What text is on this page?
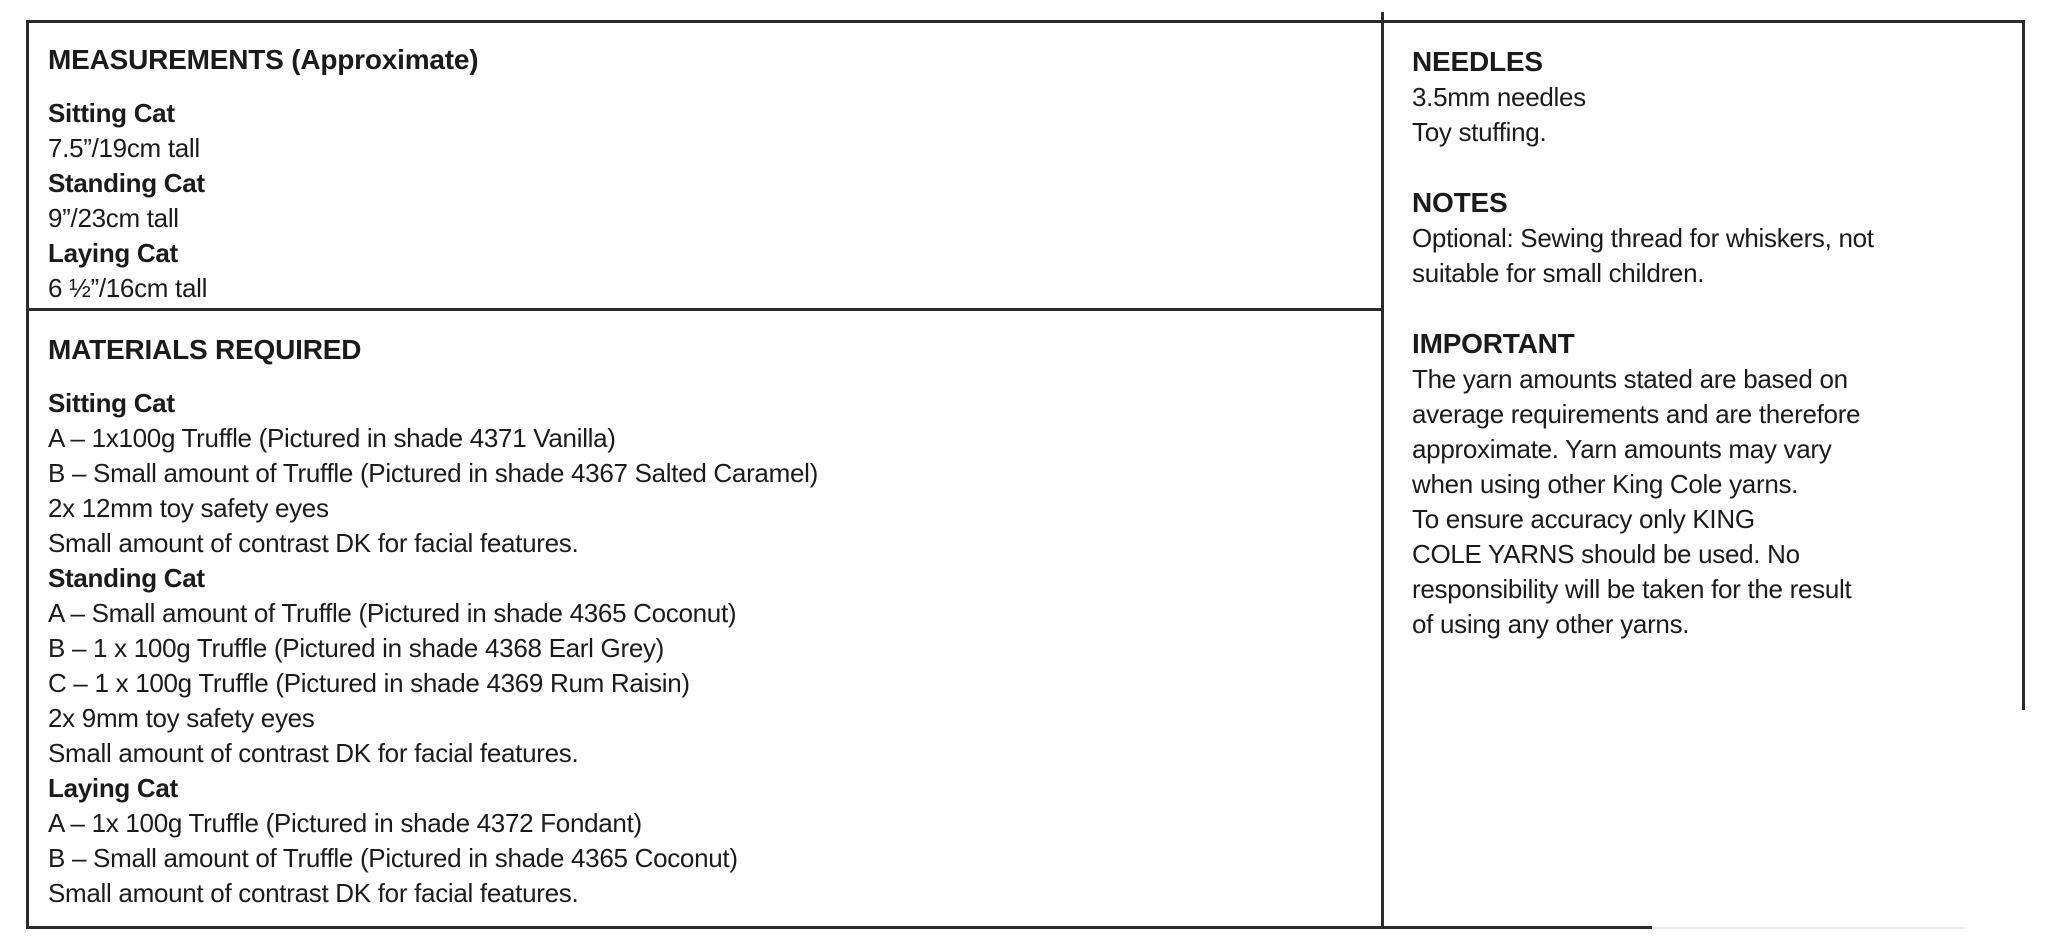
MEASUREMENTS (Approximate)
Sitting Cat
7.5”/19cm tall
Standing Cat
9”/23cm tall
Laying Cat
6 ½”/16cm tall
MATERIALS REQUIRED
Sitting Cat
A – 1x100g Truffle (Pictured in shade 4371 Vanilla)
B – Small amount of Truffle (Pictured in shade 4367 Salted Caramel)
2x 12mm toy safety eyes
Small amount of contrast DK for facial features.
Standing Cat
A – Small amount of Truffle (Pictured in shade 4365 Coconut)
B – 1 x 100g Truffle (Pictured in shade 4368 Earl Grey)
C – 1 x 100g Truffle (Pictured in shade 4369 Rum Raisin)
2x 9mm toy safety eyes
Small amount of contrast DK for facial features.
Laying Cat
A – 1x 100g Truffle (Pictured in shade 4372 Fondant)
B – Small amount of Truffle (Pictured in shade 4365 Coconut)
Small amount of contrast DK for facial features.
NEEDLES
3.5mm needles
Toy stuffing.
NOTES
Optional: Sewing thread for whiskers, not
suitable for small children.
IMPORTANT
The yarn amounts stated are based on
average requirements and are therefore
approximate. Yarn amounts may vary
when using other King Cole yarns.
To ensure accuracy only KING
COLE YARNS should be used. No
responsibility will be taken for the result
of using any other yarns.
